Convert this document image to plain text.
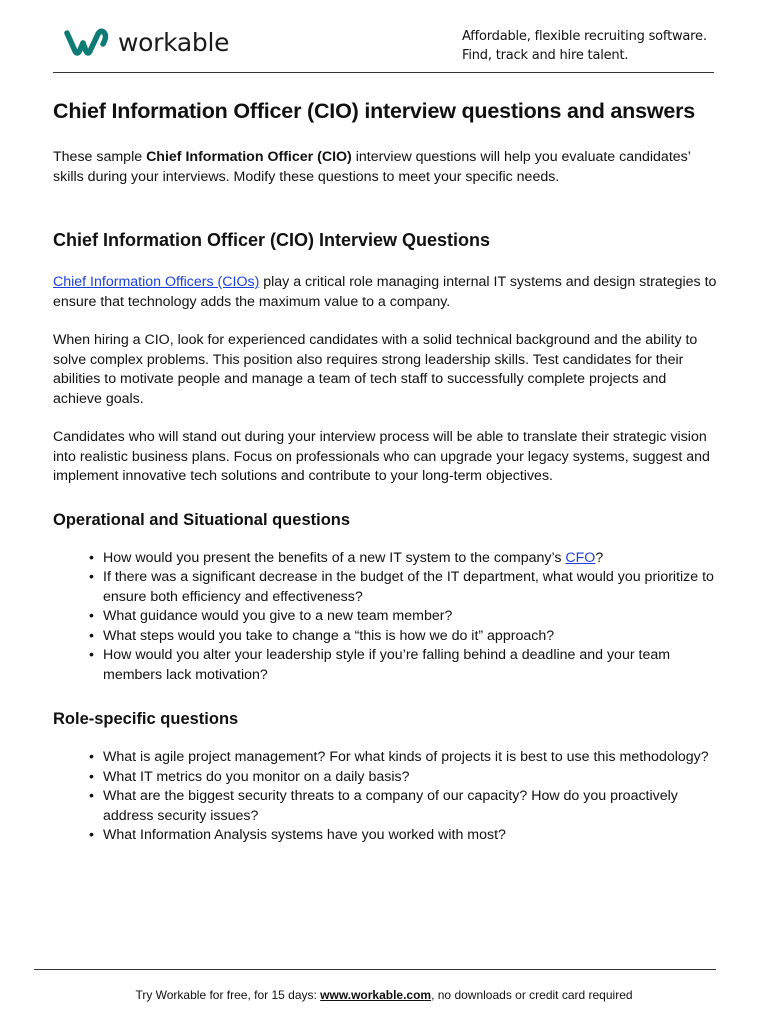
workable	Affordable, flexible recruiting software.
Find, track and hire talent.
Chief Information Officer (CIO) interview questions and answers

These sample Chief Information Officer (CIO) interview questions will help you evaluate candidates’ skills during your interviews. Modify these questions to meet your specific needs.

Chief Information Officer (CIO) Interview Questions

Chief Information Officers (CIOs) play a critical role managing internal IT systems and design strategies to ensure that technology adds the maximum value to a company.

When hiring a CIO, look for experienced candidates with a solid technical background and the ability to solve complex problems. This position also requires strong leadership skills. Test candidates for their abilities to motivate people and manage a team of tech staff to successfully complete projects and achieve goals.

Candidates who will stand out during your interview process will be able to translate their strategic vision into realistic business plans. Focus on professionals who can upgrade your legacy systems, suggest and implement innovative tech solutions and contribute to your long-term objectives.

Operational and Situational questions
• How would you present the benefits of a new IT system to the company’s CFO?
• If there was a significant decrease in the budget of the IT department, what would you prioritize to ensure both efficiency and effectiveness?
• What guidance would you give to a new team member?
• What steps would you take to change a “this is how we do it” approach?
• How would you alter your leadership style if you’re falling behind a deadline and your team members lack motivation?
Role-specific questions
• What is agile project management? For what kinds of projects it is best to use this methodology?
• What IT metrics do you monitor on a daily basis?
• What are the biggest security threats to a company of our capacity? How do you proactively address security issues?
• What Information Analysis systems have you worked with most?
Try Workable for free, for 15 days: www.workable.com, no downloads or credit card required
